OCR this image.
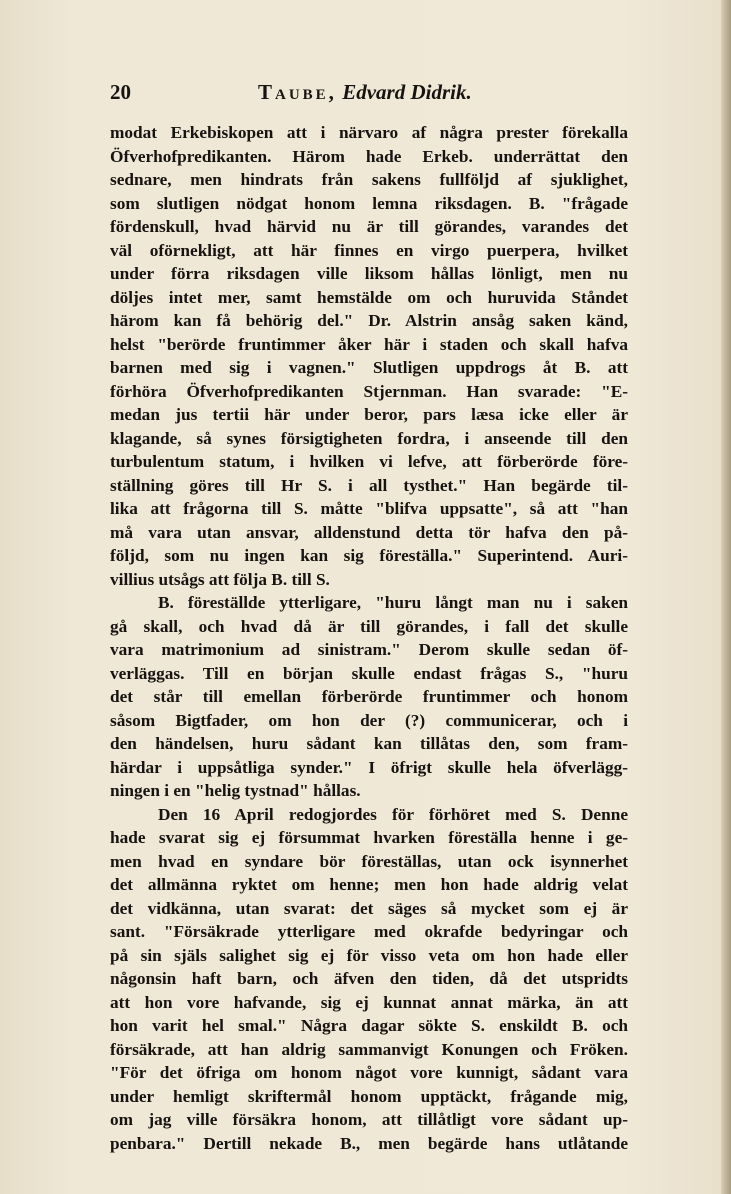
20	Taube, Edvard Didrik.
modat Erkebiskopen att i närvaro af några prester förekalla
Öfverhofpredikanten. Härom hade Erkeb. underrättat den
sednare, men hindrats från sakens fullföljd af sjuklighet,
som slutligen nödgat honom lemna riksdagen. B. "frågade
fördenskull, hvad härvid nu är till görandes, varandes det
väl oförnekligt, att här finnes en virgo puerpera, hvilket
under förra riksdagen ville liksom hållas lönligt, men nu
döljes intet mer, samt hemstälde om och huruvida Ståndet
härom kan få behörig del." Dr. Alstrin ansåg saken känd,
helst "berörde fruntimmer åker här i staden och skall hafva
barnen med sig i vagnen." Slutligen uppdrogs åt B. att
förhöra Öfverhofpredikanten Stjernman. Han svarade: "E-
medan jus tertii här under beror, pars læsa icke eller är
klagande, så synes försigtigheten fordra, i anseende till den
turbulentum statum, i hvilken vi lefve, att förberörde före-
ställning göres till Hr S. i all tysthet." Han begärde til-
lika att frågorna till S. måtte "blifva uppsatte", så att "han
må vara utan ansvar, alldenstund detta tör hafva den på-
följd, som nu ingen kan sig föreställa." Superintend. Auri-
villius utsågs att följa B. till S.
B. föreställde ytterligare, "huru långt man nu i saken
gå skall, och hvad då är till görandes, i fall det skulle
vara matrimonium ad sinistram." Derom skulle sedan öf-
verläggas. Till en början skulle endast frågas S., "huru
det står till emellan förberörde fruntimmer och honom
såsom Bigtfader, om hon der (?) communicerar, och i
den händelsen, huru sådant kan tillåtas den, som fram-
härdar i uppsåtliga synder." I öfrigt skulle hela öfverlägg-
ningen i en "helig tystnad" hållas.
Den 16 April redogjordes för förhöret med S. Denne
hade svarat sig ej försummat hvarken föreställa henne i ge-
men hvad en syndare bör föreställas, utan ock isynnerhet
det allmänna ryktet om henne; men hon hade aldrig velat
det vidkänna, utan svarat: det säges så mycket som ej är
sant. "Försäkrade ytterligare med okrafde bedyringar och
på sin själs salighet sig ej för visso veta om hon hade eller
någonsin haft barn, och äfven den tiden, då det utspridts
att hon vore hafvande, sig ej kunnat annat märka, än att
hon varit hel smal." Några dagar sökte S. enskildt B. och
försäkrade, att han aldrig sammanvigt Konungen och Fröken.
"För det öfriga om honom något vore kunnigt, sådant vara
under hemligt skriftermål honom upptäckt, frågande mig,
om jag ville försäkra honom, att tillåtligt vore sådant up-
penbara." Dertill nekade B., men begärde hans utlåtande
